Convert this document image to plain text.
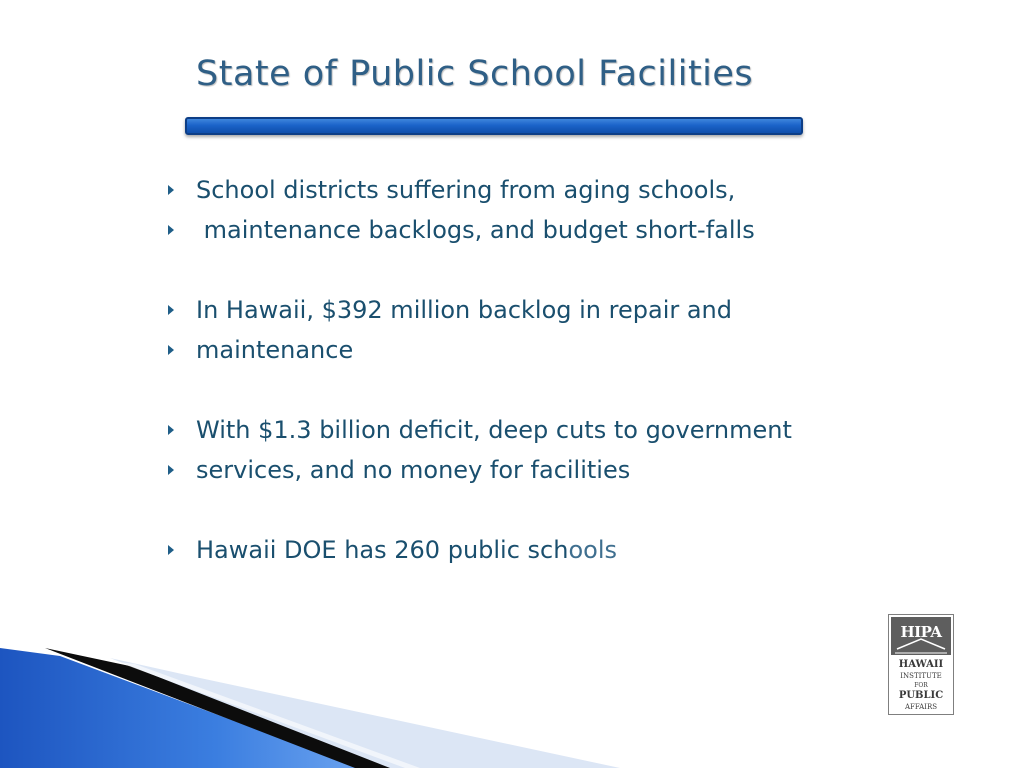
State of Public School Facilities
School districts suffering from aging schools,
maintenance backlogs, and budget short-falls
In Hawaii, $392 million backlog in repair and
maintenance
With $1.3 billion deficit, deep cuts to government
services, and no money for facilities
Hawaii DOE has 260 public schools
HIPA
HAWAII
INSTITUTE
FOR
PUBLIC
AFFAIRS
